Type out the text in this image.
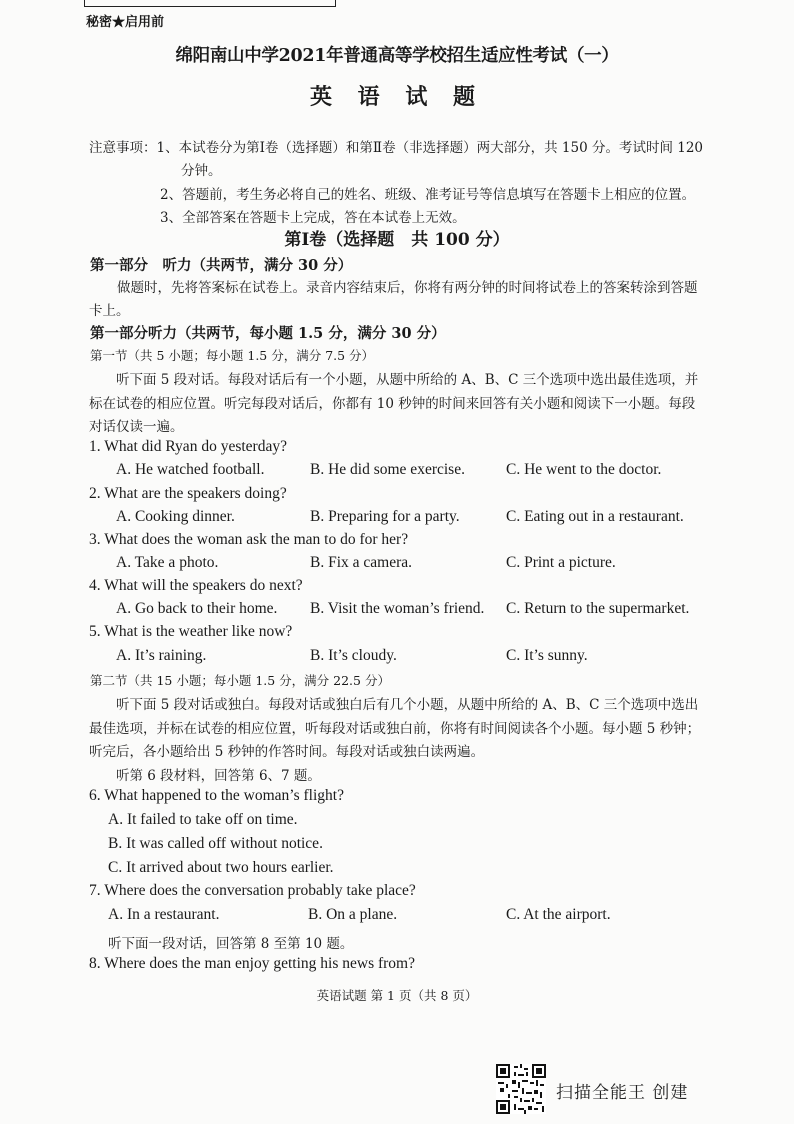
秘密★启用前
绵阳南山中学2021年普通高等学校招生适应性考试（一）
英 语 试 题
注意事项：1、本试卷分为第Ⅰ卷（选择题）和第Ⅱ卷（非选择题）两大部分，共 150 分。考试时间 120
分钟。
2、答题前，考生务必将自己的姓名、班级、准考证号等信息填写在答题卡上相应的位置。
3、全部答案在答题卡上完成，答在本试卷上无效。
第Ⅰ卷（选择题　共 100 分）
第一部分　听力（共两节，满分 30 分）
做题时，先将答案标在试卷上。录音内容结束后，你将有两分钟的时间将试卷上的答案转涂到答题
卡上。
第一部分听力（共两节，每小题 1.5 分，满分 30 分）
第一节（共 5 小题；每小题 1.5 分，满分 7.5 分）
听下面 5 段对话。每段对话后有一个小题，从题中所给的 A、B、C 三个选项中选出最佳选项，并
标在试卷的相应位置。听完每段对话后，你都有 10 秒钟的时间来回答有关小题和阅读下一小题。每段
对话仅读一遍。
1. What did Ryan do yesterday?
A. He watched football.	B. He did some exercise.	C. He went to the doctor.
2. What are the speakers doing?
A. Cooking dinner.	B. Preparing for a party.	C. Eating out in a restaurant.
3. What does the woman ask the man to do for her?
A. Take a photo.	B. Fix a camera.	C. Print a picture.
4. What will the speakers do next?
A. Go back to their home. B. Visit the woman’s friend. C. Return to the supermarket.
5. What is the weather like now?
A. It’s raining.	B. It’s cloudy.	C. It’s sunny.
第二节（共 15 小题；每小题 1.5 分，满分 22.5 分）
听下面 5 段对话或独白。每段对话或独白后有几个小题，从题中所给的 A、B、C 三个选项中选出
最佳选项，并标在试卷的相应位置，听每段对话或独白前，你将有时间阅读各个小题。每小题 5 秒钟；
听完后，各小题给出 5 秒钟的作答时间。每段对话或独白读两遍。
听第 6 段材料，回答第 6、7 题。
6. What happened to the woman’s flight?
A. It failed to take off on time.
B. It was called off without notice.
C. It arrived about two hours earlier.
7. Where does the conversation probably take place?
A. In a restaurant.	B. On a plane.	C. At the airport.
听下面一段对话，回答第 8 至第 10 题。
8. Where does the man enjoy getting his news from?
英语试题 第 1 页（共 8 页）
扫描全能王 创建
